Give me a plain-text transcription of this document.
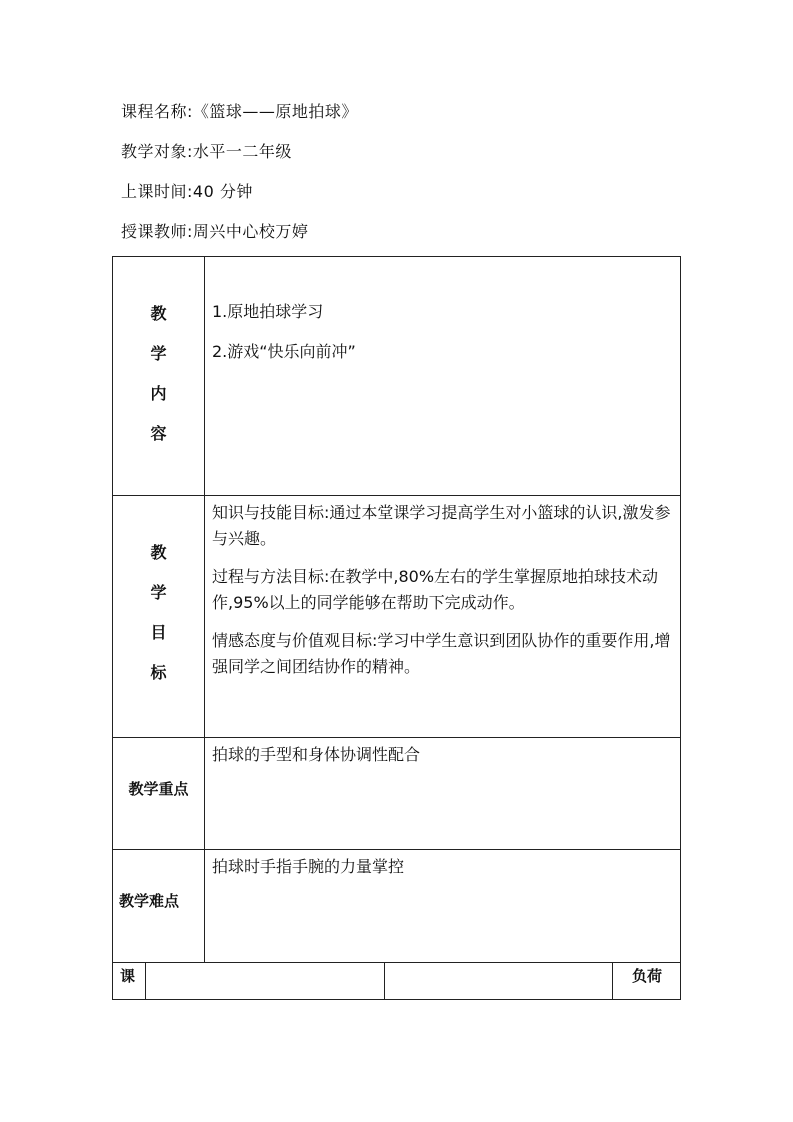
课程名称:《篮球——原地拍球》
教学对象:水平一二年级
上课时间:40 分钟
授课教师:周兴中心校万婷
教
学
内
容
1.原地拍球学习
2.游戏“快乐向前冲”
教
学
目
标

知识与技能目标:通过本堂课学习提高学生对小篮球的认识,激发参与兴趣。

过程与方法目标:在教学中,80%左右的学生掌握原地拍球技术动作,95%以上的同学能够在帮助下完成动作。

情感态度与价值观目标:学习中学生意识到团队协作的重要作用,增强同学之间团结协作的精神。

教学重点
拍球的手型和身体协调性配合
教学难点
拍球时手指手腕的力量掌控
课	负荷
